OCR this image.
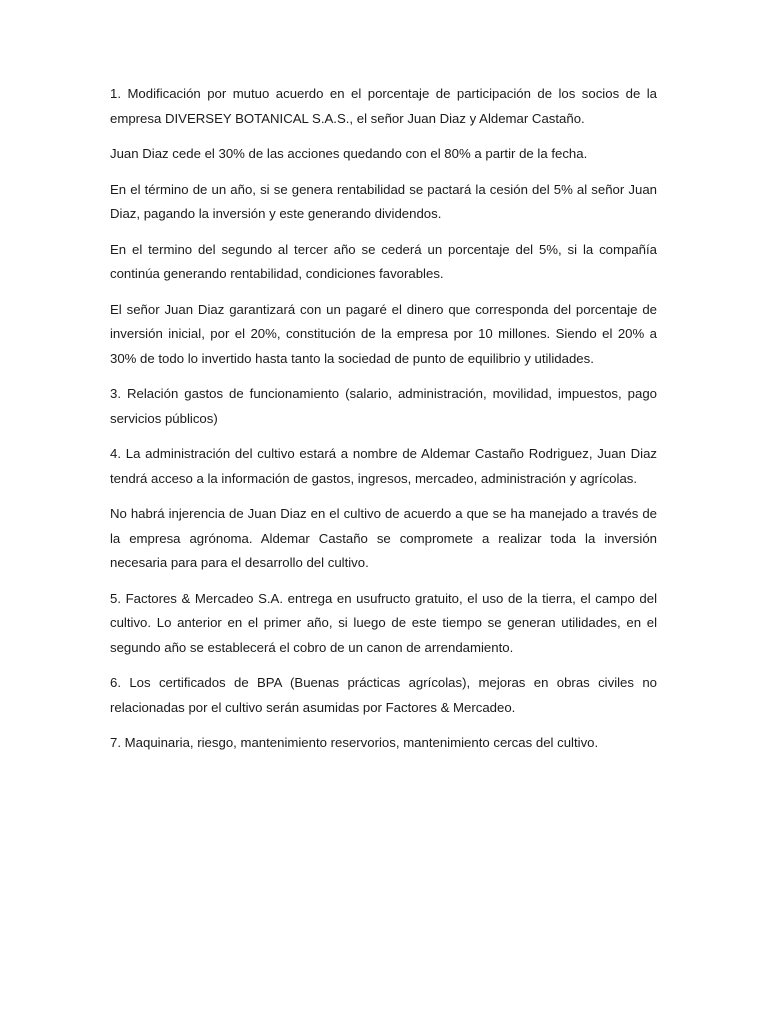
1. Modificación por mutuo acuerdo en el porcentaje de participación de los socios de la empresa DIVERSEY BOTANICAL S.A.S., el señor Juan Diaz y Aldemar Castaño.

Juan Diaz cede el 30% de las acciones quedando con el 80% a partir de la fecha.

En el término de un año, si se genera rentabilidad se pactará la cesión del 5% al señor Juan Diaz, pagando la inversión y este generando dividendos.

En el termino del segundo al tercer año se cederá un porcentaje del 5%, si la compañía continúa generando rentabilidad, condiciones favorables.

El señor Juan Diaz garantizará con un pagaré el dinero que corresponda del porcentaje de inversión inicial, por el 20%, constitución de la empresa por 10 millones. Siendo el 20% a 30% de todo lo invertido hasta tanto la sociedad de punto de equilibrio y utilidades.

3. Relación gastos de funcionamiento (salario, administración, movilidad, impuestos, pago servicios públicos)

4. La administración del cultivo estará a nombre de Aldemar Castaño Rodriguez, Juan Diaz tendrá acceso a la información de gastos, ingresos, mercadeo, administración y agrícolas.

No habrá injerencia de Juan Diaz en el cultivo de acuerdo a que se ha manejado a través de la empresa agrónoma. Aldemar Castaño se compromete a realizar toda la inversión necesaria para para el desarrollo del cultivo.

5. Factores & Mercadeo S.A. entrega en usufructo gratuito, el uso de la tierra, el campo del cultivo. Lo anterior en el primer año, si luego de este tiempo se generan utilidades, en el segundo año se establecerá el cobro de un canon de arrendamiento.

6. Los certificados de BPA (Buenas prácticas agrícolas), mejoras en obras civiles no relacionadas por el cultivo serán asumidas por Factores & Mercadeo.

7. Maquinaria, riesgo, mantenimiento reservorios, mantenimiento cercas del cultivo.
